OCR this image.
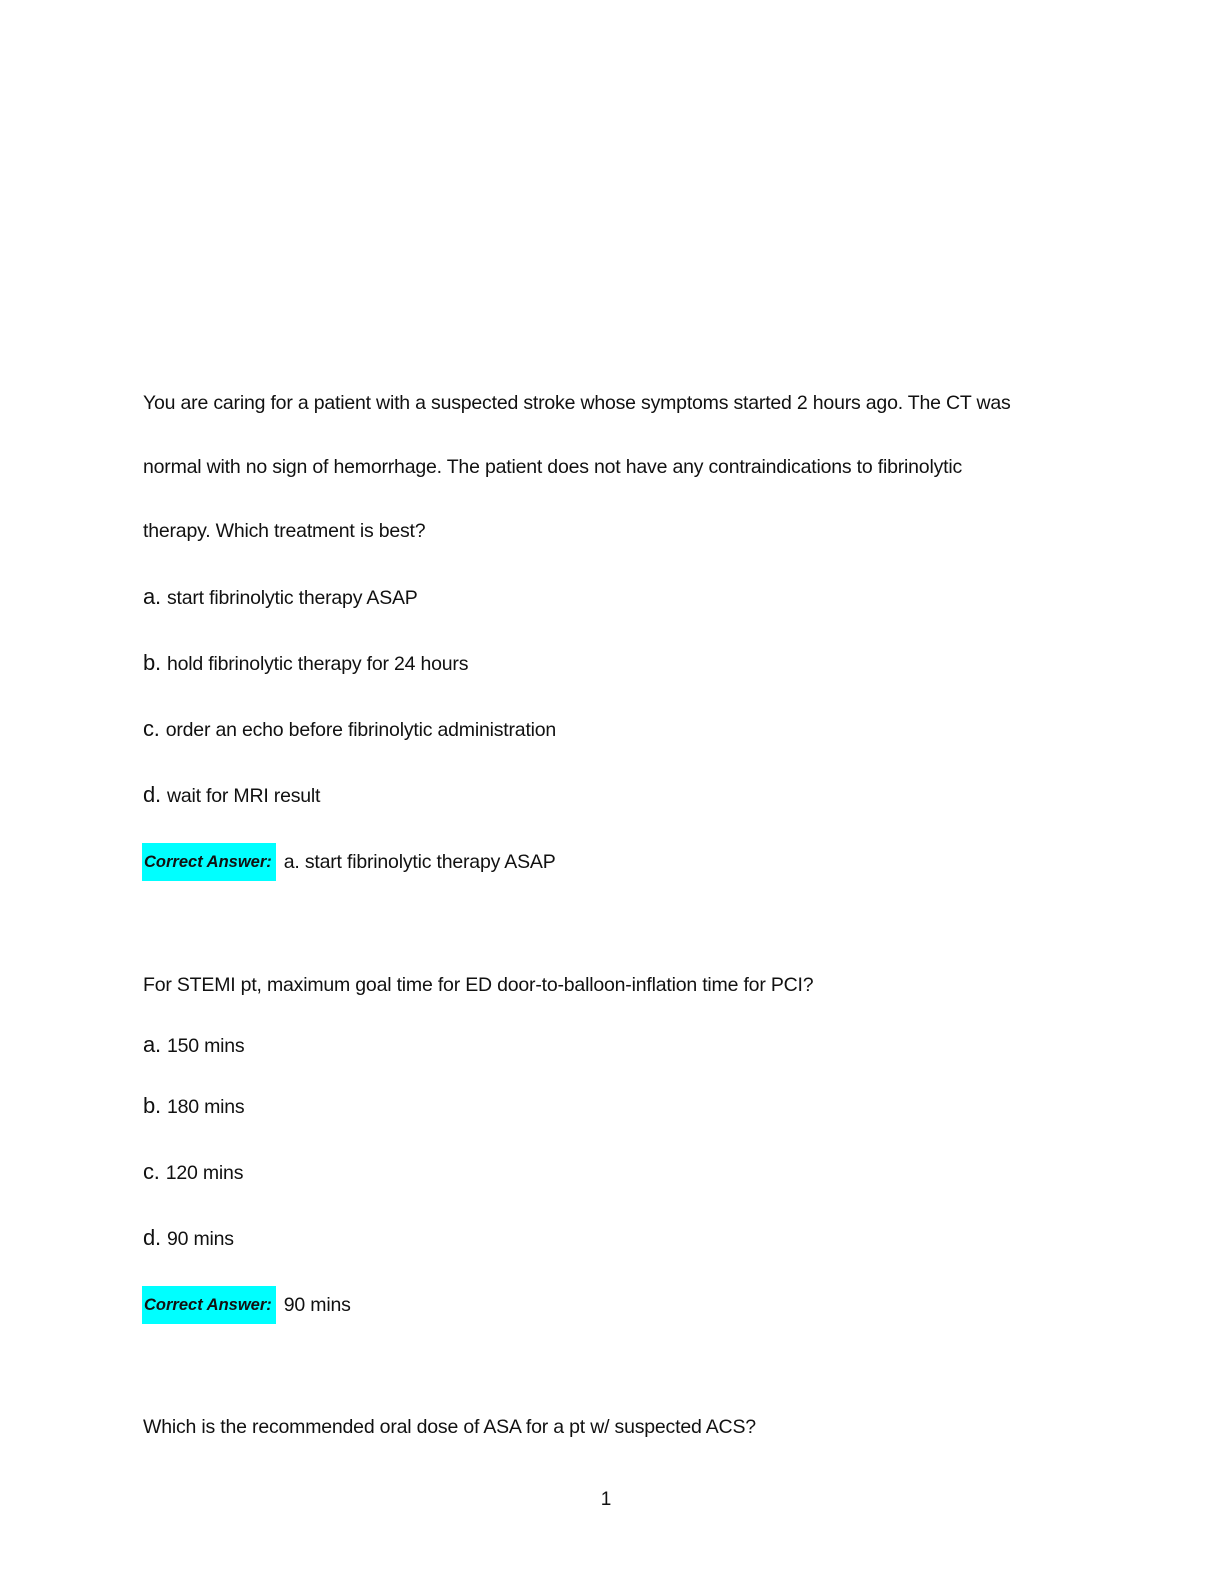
You are caring for a patient with a suspected stroke whose symptoms started 2 hours ago. The CT was
normal with no sign of hemorrhage. The patient does not have any contraindications to fibrinolytic
therapy. Which treatment is best?
a. start fibrinolytic therapy ASAP
b. hold fibrinolytic therapy for 24 hours
c. order an echo before fibrinolytic administration
d. wait for MRI result
Correct Answer: a. start fibrinolytic therapy ASAP
For STEMI pt, maximum goal time for ED door-to-balloon-inflation time for PCI?
a. 150 mins
b. 180 mins
c. 120 mins
d. 90 mins
Correct Answer: 90 mins
Which is the recommended oral dose of ASA for a pt w/ suspected ACS?
1
